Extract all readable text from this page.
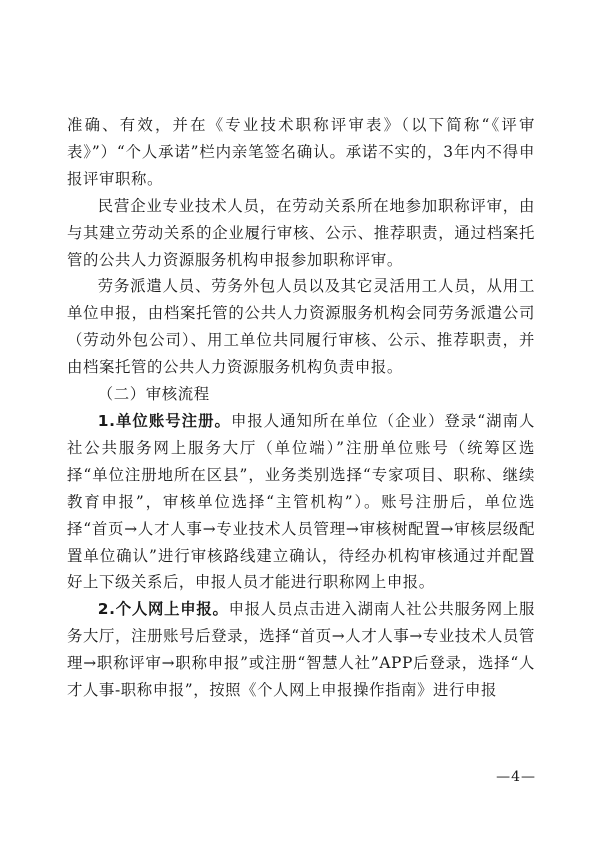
准确、有效，并在《专业技术职称评审表》（以下简称“《评审表》”）“个人承诺”栏内亲笔签名确认。承诺不实的，3年内不得申报评审职称。

民营企业专业技术人员，在劳动关系所在地参加职称评审，由与其建立劳动关系的企业履行审核、公示、推荐职责，通过档案托管的公共人力资源服务机构申报参加职称评审。

劳务派遣人员、劳务外包人员以及其它灵活用工人员，从用工单位申报，由档案托管的公共人力资源服务机构会同劳务派遣公司（劳动外包公司）、用工单位共同履行审核、公示、推荐职责，并由档案托管的公共人力资源服务机构负责申报。

（二）审核流程

1.单位账号注册。申报人通知所在单位（企业）登录“湖南人社公共服务网上服务大厅（单位端）”注册单位账号（统筹区选择“单位注册地所在区县”，业务类别选择“专家项目、职称、继续教育申报”，审核单位选择“主管机构”）。账号注册后，单位选择“首页→人才人事→专业技术人员管理→审核树配置→审核层级配置单位确认”进行审核路线建立确认，待经办机构审核通过并配置好上下级关系后，申报人员才能进行职称网上申报。

2.个人网上申报。申报人员点击进入湖南人社公共服务网上服务大厅，注册账号后登录，选择“首页→人才人事→专业技术人员管理→职称评审→职称申报”或注册“智慧人社”APP后登录，选择“人才人事-职称申报”，按照《个人网上申报操作指南》进行申报

—4—
